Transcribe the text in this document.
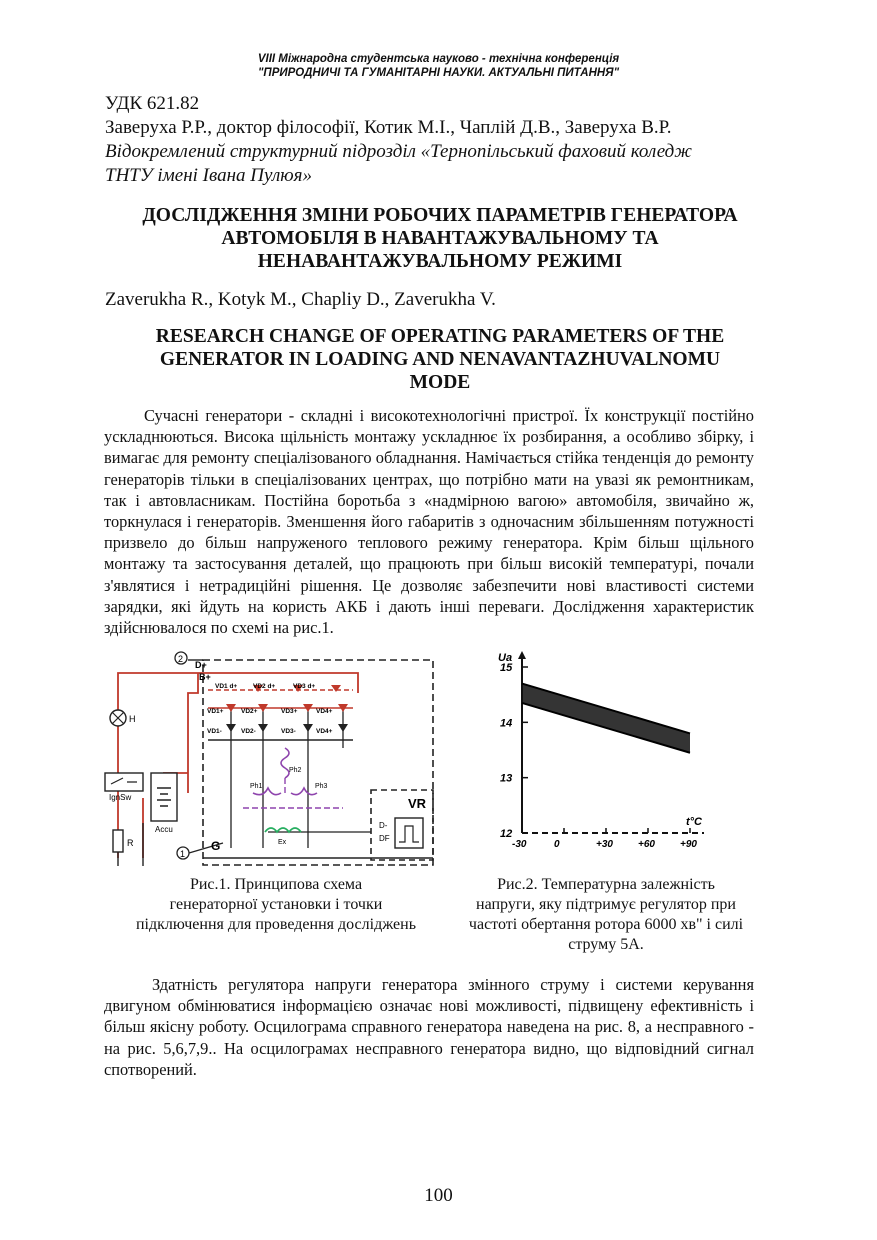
VIII Міжнародна студентська науково - технічна конференція
"ПРИРОДНИЧІ ТА ГУМАНІТАРНІ НАУКИ. АКТУАЛЬНІ ПИТАННЯ"
УДК 621.82
Заверуха Р.Р., доктор філософії, Котик М.І., Чаплій Д.В., Заверуха В.Р.
Відокремлений структурний підрозділ «Тернопільський фаховий коледж
ТНТУ імені Івана Пулюя»
ДОСЛІДЖЕННЯ ЗМІНИ РОБОЧИХ ПАРАМЕТРІВ ГЕНЕРАТОРА
АВТОМОБІЛЯ В НАВАНТАЖУВАЛЬНОМУ ТА
НЕНАВАНТАЖУВАЛЬНОМУ РЕЖИМІ
Zaverukha R., Kotyk M., Chapliy D., Zaverukha V.
RESEARCH CHANGE OF OPERATING PARAMETERS OF THE
GENERATOR IN LOADING AND NENAVANTAZHUVALNOMU
MODE
Сучасні генератори - складні і високотехнологічні пристрої. Їх конструкції постійно ускладнюються. Висока щільність монтажу ускладнює їх розбирання, а особливо збірку, і вимагає для ремонту спеціалізованого обладнання. Намічається стійка тенденція до ремонту генераторів тільки в спеціалізованих центрах, що потрібно мати на увазі як ремонтникам, так і автовласникам. Постійна боротьба з «надмірною вагою» автомобіля, звичайно ж, торкнулася і генераторів. Зменшення його габаритів з одночасним збільшенням потужності призвело до більш напруженого теплового режиму генератора. Крім більш щільного монтажу та застосування деталей, що працюють при більш високій температурі, почали з'являтися і нетрадиційні рішення. Це дозволяє забезпечити нові властивості системи зарядки, які йдуть на користь АКБ і дають інші переваги. Дослідження характеристик здійснювалося по схемі на рис.1.
VR
D-
DF
2
D+
B+
H
IgnSw
Accu
R
1
G
VD1 d+ VD2 d+	VD3 d+
VD1+	VD2+	VD3+	VD4+
VD1-	VD2-	VD3-	VD4+
Ph1
Ph2
Ph3
Ex
Рис.1. Принципова схема
генераторної установки і точки
підключення для проведення досліджень
12
13
14
15
-30	0	+30	+60	+90
Ua
t°C
Рис.2. Температурна залежність
напруги, яку підтримує регулятор при
частоті обертання ротора 6000 хв" і силі
струму 5А.
Здатність регулятора напруги генератора змінного струму і системи керування двигуном обмінюватися інформацією означає нові можливості, підвищену ефективність і більш якісну роботу. Осцилограма справного генератора наведена на рис. 8, а несправного - на рис. 5,6,7,9.. На осцилограмах несправного генератора видно, що відповідний сигнал спотворений.
100
